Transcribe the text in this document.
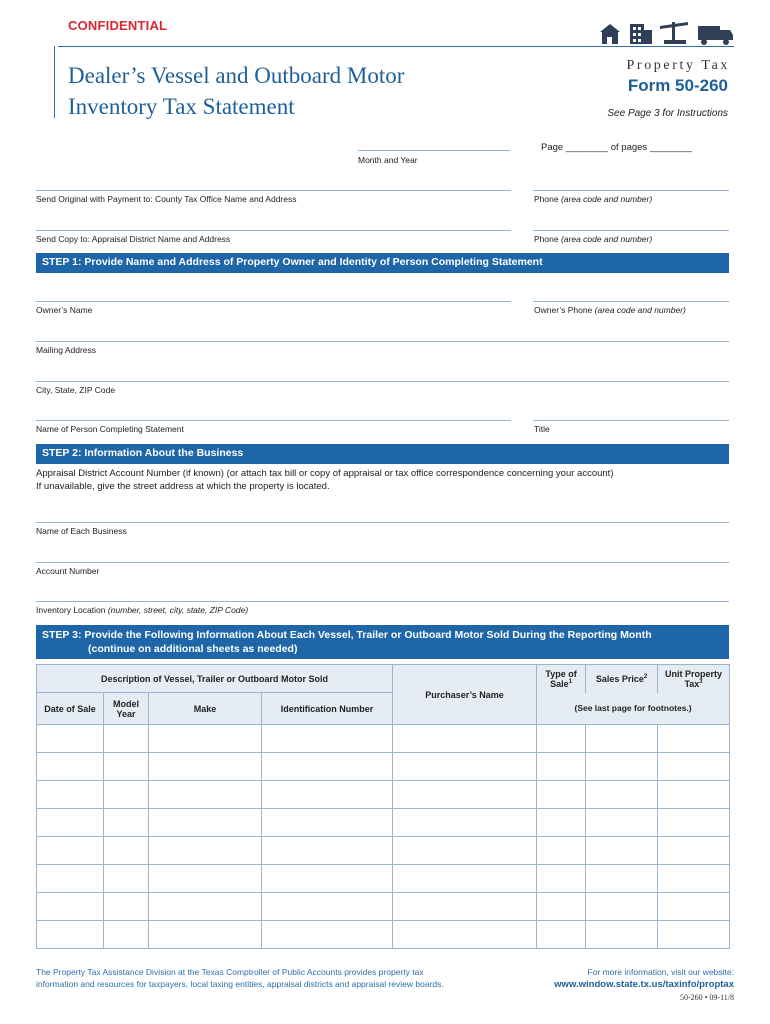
CONFIDENTIAL
Dealer’s Vessel and Outboard Motor
Inventory Tax Statement
Property Tax
Form 50-260
See Page 3 for Instructions
Month and Year
Page ________ of pages ________
Send Original with Payment to: County Tax Office Name and Address	Phone (area code and number)
Send Copy to: Appraisal District Name and Address	Phone (area code and number)
STEP 1: Provide Name and Address of Property Owner and Identity of Person Completing Statement
Owner’s Name	Owner’s Phone (area code and number)
Mailing Address
City, State, ZIP Code
Name of Person Completing Statement	Title
STEP 2: Information About the Business
Appraisal District Account Number (if known) (or attach tax bill or copy of appraisal or tax office correspondence concerning your account)
If unavailable, give the street address at which the property is located.
Name of Each Business
Account Number
Inventory Location (number, street, city, state, ZIP Code)
STEP 3: Provide the Following Information About Each Vessel, Trailer or Outboard Motor Sold During the Reporting Month
(continue on additional sheets as needed)
Description of Vessel, Trailer or Outboard Motor Sold				Purchaser’s Name	Type of Sale$^1$	Sales Price$^2$	Unit Property Tax$^3$
Date of Sale	Model Year	Make	Identification Number		(See last page for footnotes.)		

The Property Tax Assistance Division at the Texas Comptroller of Public Accounts provides property tax
information and resources for taxpayers, local taxing entities, appraisal districts and appraisal review boards.
For more information, visit our website:
www.window.state.tx.us/taxinfo/proptax
50-260 • 09-11/8
